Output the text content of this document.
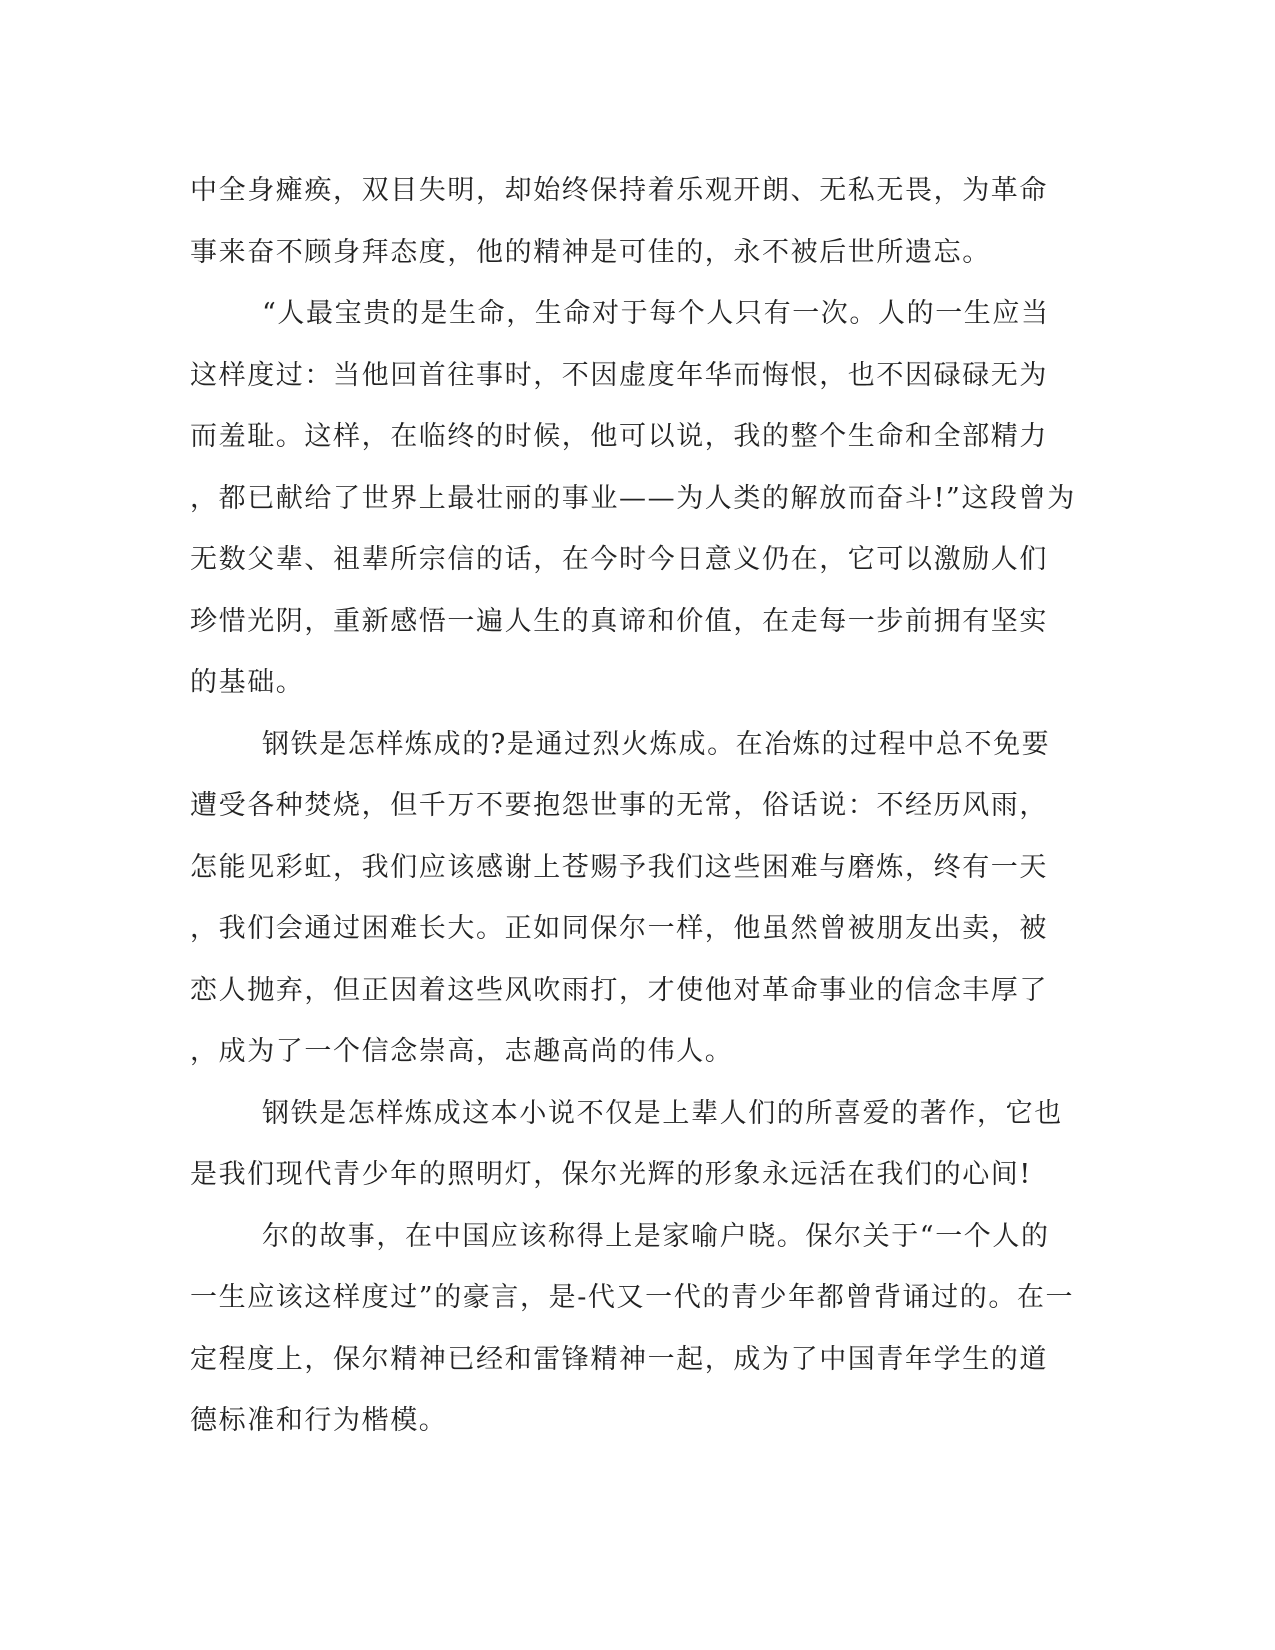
中全身瘫痪，双目失明，却始终保持着乐观开朗、无私无畏，为革命
事来奋不顾身拜态度，他的精神是可佳的，永不被后世所遗忘。
“人最宝贵的是生命，生命对于每个人只有一次。人的一生应当
这样度过：当他回首往事时，不因虚度年华而悔恨，也不因碌碌无为
而羞耻。这样，在临终的时候，他可以说，我的整个生命和全部精力
，都已献给了世界上最壮丽的事业——为人类的解放而奋斗!”这段曾为
无数父辈、祖辈所宗信的话，在今时今日意义仍在，它可以激励人们
珍惜光阴，重新感悟一遍人生的真谛和价值，在走每一步前拥有坚实
的基础。
钢铁是怎样炼成的?是通过烈火炼成。在冶炼的过程中总不免要
遭受各种焚烧，但千万不要抱怨世事的无常，俗话说：不经历风雨，
怎能见彩虹，我们应该感谢上苍赐予我们这些困难与磨炼，终有一天
，我们会通过困难长大。正如同保尔一样，他虽然曾被朋友出卖，被
恋人抛弃，但正因着这些风吹雨打，才使他对革命事业的信念丰厚了
，成为了一个信念崇高，志趣高尚的伟人。
钢铁是怎样炼成这本小说不仅是上辈人们的所喜爱的著作，它也
是我们现代青少年的照明灯，保尔光辉的形象永远活在我们的心间!
尔的故事，在中国应该称得上是家喻户晓。保尔关于“一个人的
一生应该这样度过”的豪言，是-代又一代的青少年都曾背诵过的。在一
定程度上，保尔精神已经和雷锋精神一起，成为了中国青年学生的道
德标准和行为楷模。
